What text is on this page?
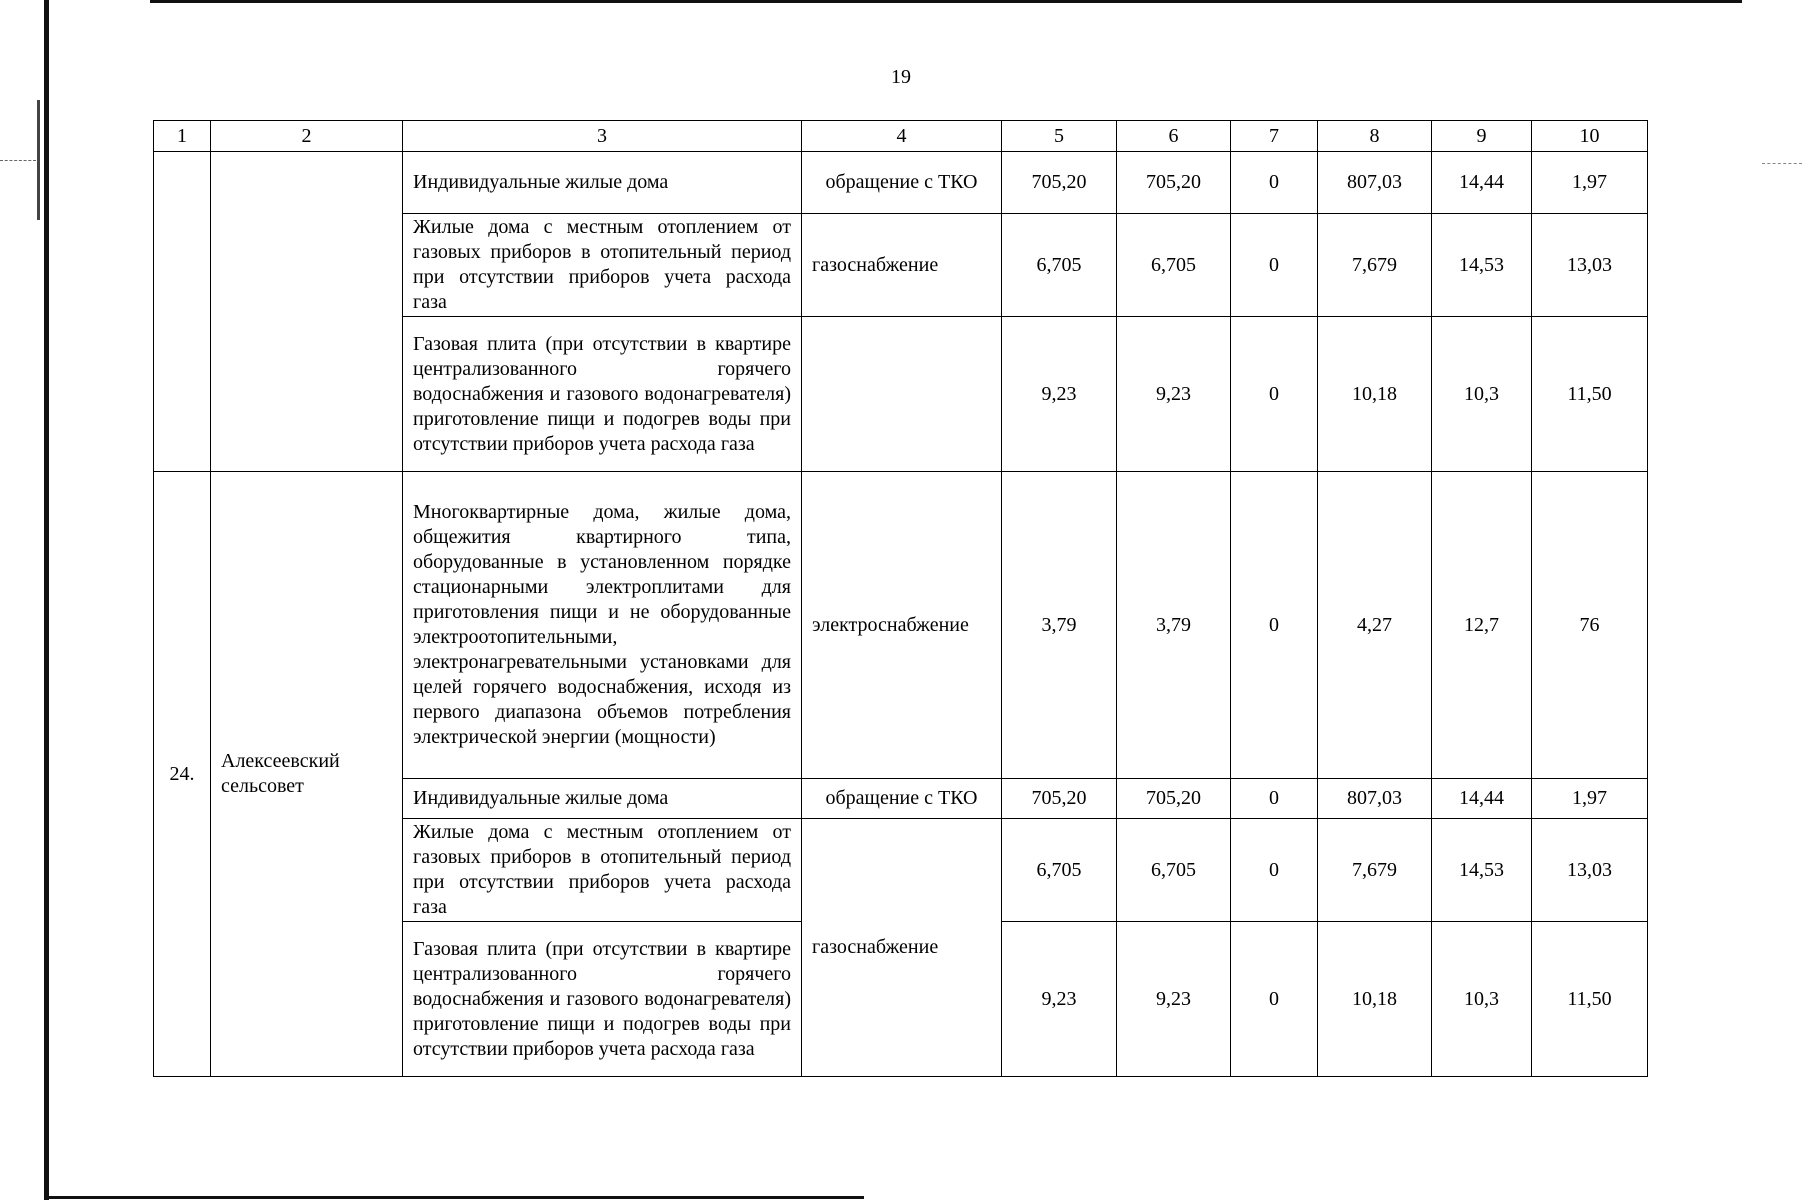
19
1	2	3	4	5	6	7	8	9	10
		Индивидуальные жилые дома	обращение с ТКО	705,20	705,20	0	807,03	14,44	1,97
		Жилые дома с местным отоплением от газовых приборов в отопительный период при отсутствии приборов учета расхода газа	газоснабжение	6,705	6,705	0	7,679	14,53	13,03
		Газовая плита (при отсутствии в квартире централизованного горячего водоснабжения и газового водонагревателя) приготовление пищи и подогрев воды при отсутствии приборов учета расхода газа		9,23	9,23	0	10,18	10,3	11,50
24.	Алексеевский сельсовет	Многоквартирные дома, жилые дома, общежития квартирного типа, оборудованные в установленном порядке стационарными электроплитами для приготовления пищи и не оборудованные электроотопительными, электронагревательными установками для целей горячего водоснабжения, исходя из первого диапазона объемов потребления электрической энергии (мощности)	электроснабжение	3,79	3,79	0	4,27	12,7	76
		Индивидуальные жилые дома	обращение с ТКО	705,20	705,20	0	807,03	14,44	1,97
		Жилые дома с местным отоплением от газовых приборов в отопительный период при отсутствии приборов учета расхода газа	газоснабжение	6,705	6,705	0	7,679	14,53	13,03
		Газовая плита (при отсутствии в квартире централизованного горячего водоснабжения и газового водонагревателя) приготовление пищи и подогрев воды при отсутствии приборов учета расхода газа		9,23	9,23	0	10,18	10,3	11,50
